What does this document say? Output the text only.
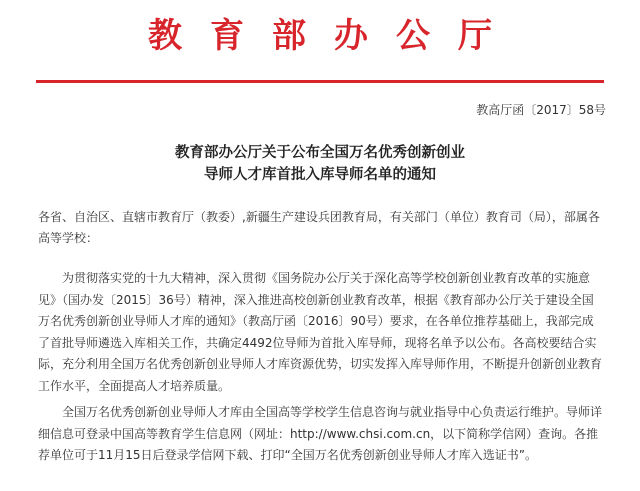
教育部办公厅
教高厅函〔2017〕58号
教育部办公厅关于公布全国万名优秀创新创业
导师人才库首批入库导师名单的通知
各省、自治区、直辖市教育厅（教委）,新疆生产建设兵团教育局，有关部门（单位）教育司（局），部属各高等学校：
为贯彻落实党的十九大精神，深入贯彻《国务院办公厅关于深化高等学校创新创业教育改革的实施意见》（国办发〔2015〕36号）精神，深入推进高校创新创业教育改革，根据《教育部办公厅关于建设全国万名优秀创新创业导师人才库的通知》（教高厅函〔2016〕90号）要求，在各单位推荐基础上，我部完成了首批导师遴选入库相关工作，共确定4492位导师为首批入库导师，现将名单予以公布。各高校要结合实际，充分利用全国万名优秀创新创业导师人才库资源优势，切实发挥入库导师作用，不断提升创新创业教育工作水平，全面提高人才培养质量。
全国万名优秀创新创业导师人才库由全国高等学校学生信息咨询与就业指导中心负责运行维护。导师详细信息可登录中国高等教育学生信息网（网址：http://www.chsi.com.cn，以下简称学信网）查询。各推荐单位可于11月15日后登录学信网下载、打印“全国万名优秀创新创业导师人才库入选证书”。
